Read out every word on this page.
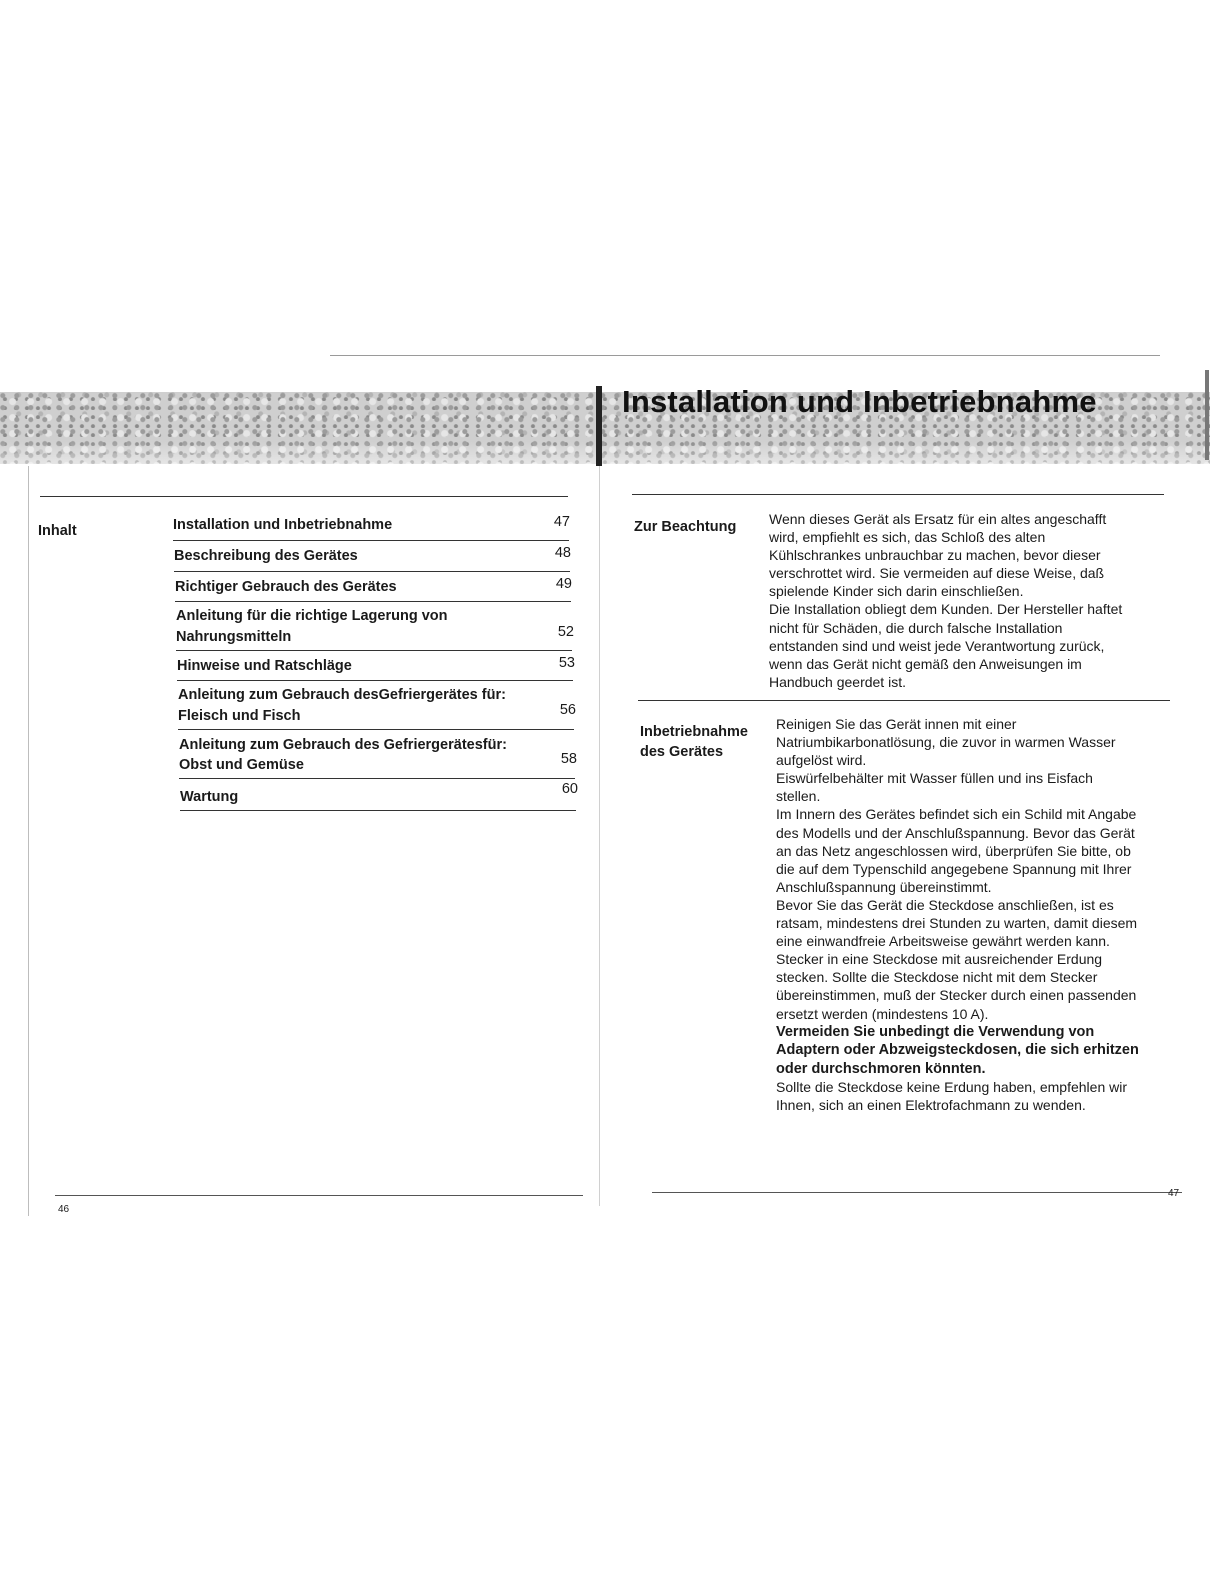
Installation und Inbetriebnahme
Inhalt	Installation und Inbetriebnahme	47
Beschreibung des Gerätes	48
Richtiger Gebrauch des Gerätes	49
Anleitung für die richtige Lagerung von
Nahrungsmitteln	52
Hinweise und Ratschläge	53
Anleitung zum Gebrauch desGefriergerätes für:
Fleisch und Fisch	56
Anleitung zum Gebrauch des Gefriergerätesfür:
Obst und Gemüse	58
Wartung	60
46
Zur Beachtung Wenn dieses Gerät als Ersatz für ein altes angeschafft

wird, empfiehlt es sich, das Schloß des alten

Kühlschrankes unbrauchbar zu machen, bevor dieser

verschrottet wird. Sie vermeiden auf diese Weise, daß

spielende Kinder sich darin einschließen.

Die Installation obliegt dem Kunden. Der Hersteller haftet

nicht für Schäden, die durch falsche Installation

entstanden sind und weist jede Verantwortung zurück,

wenn das Gerät nicht gemäß den Anweisungen im

Handbuch geerdet ist.

Inbetriebnahme
des Gerätes

Reinigen Sie das Gerät innen mit einer

Natriumbikarbonatlösung, die zuvor in warmen Wasser

aufgelöst wird.

Eiswürfelbehälter mit Wasser füllen und ins Eisfach

stellen.

Im Innern des Gerätes befindet sich ein Schild mit Angabe

des Modells und der Anschlußspannung. Bevor das Gerät

an das Netz angeschlossen wird, überprüfen Sie bitte, ob

die auf dem Typenschild angegebene Spannung mit Ihrer

Anschlußspannung übereinstimmt.

Bevor Sie das Gerät die Steckdose anschließen, ist es

ratsam, mindestens drei Stunden zu warten, damit diesem

eine einwandfreie Arbeitsweise gewährt werden kann.

Stecker in eine Steckdose mit ausreichender Erdung

stecken. Sollte die Steckdose nicht mit dem Stecker

übereinstimmen, muß der Stecker durch einen passenden

ersetzt werden (mindestens 10 A).

Vermeiden Sie unbedingt die Verwendung von

Adaptern oder Abzweigsteckdosen, die sich erhitzen

oder durchschmoren könnten.

Sollte die Steckdose keine Erdung haben, empfehlen wir

Ihnen, sich an einen Elektrofachmann zu wenden.

47
